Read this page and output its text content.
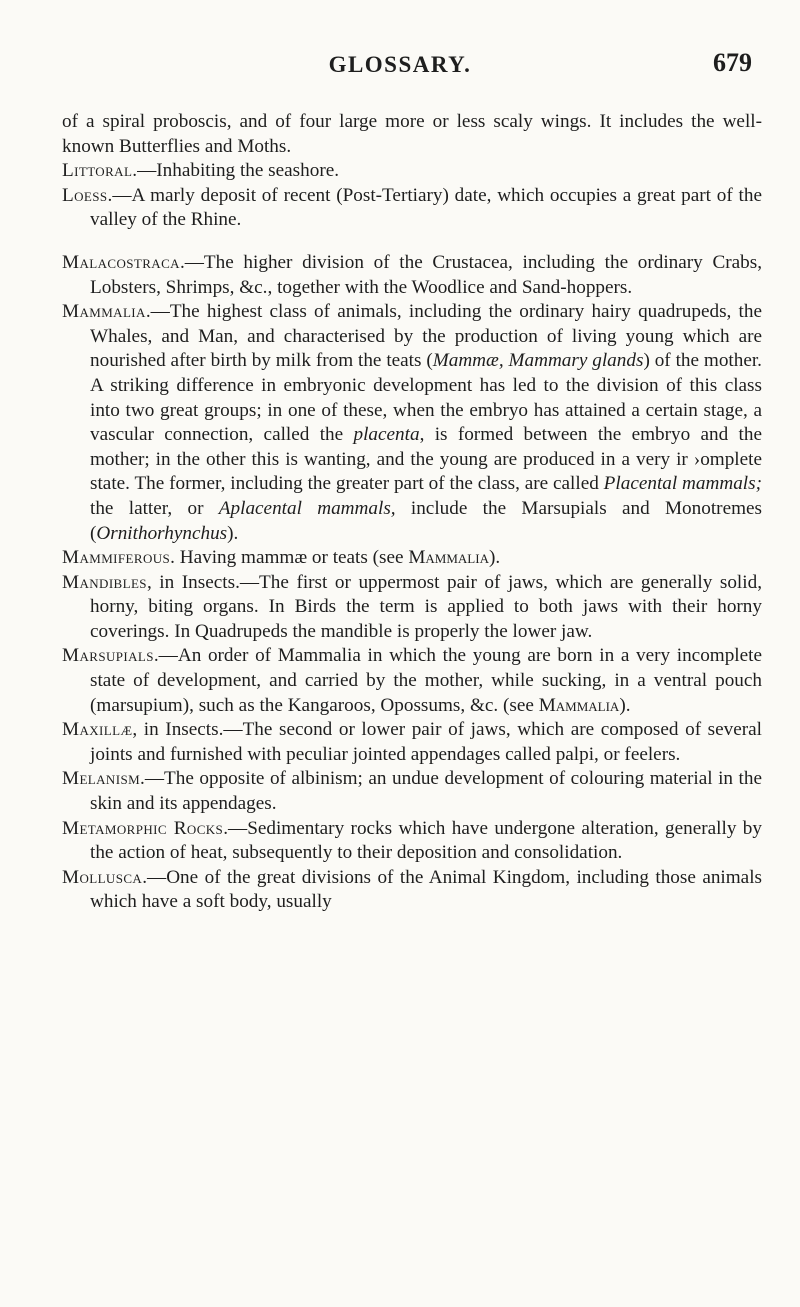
GLOSSARY.	679

of a spiral proboscis, and of four large more or less scaly wings. It includes the well-known Butterflies and Moths.

Littoral.—Inhabiting the seashore.

Loess.—A marly deposit of recent (Post-Tertiary) date, which occupies a great part of the valley of the Rhine.

Malacostraca.—The higher division of the Crustacea, including the ordinary Crabs, Lobsters, Shrimps, &c., together with the Woodlice and Sand-hoppers.

Mammalia.—The highest class of animals, including the ordinary hairy quadrupeds, the Whales, and Man, and characterised by the production of living young which are nourished after birth by milk from the teats (Mammæ, Mammary glands) of the mother. A striking difference in embryonic development has led to the division of this class into two great groups; in one of these, when the embryo has attained a certain stage, a vascular connection, called the placenta, is formed between the embryo and the mother; in the other this is wanting, and the young are produced in a very ir ›omplete state. The former, including the greater part of the class, are called Placental mammals; the latter, or Aplacental mammals, include the Marsupials and Monotremes (Ornithorhynchus).

Mammiferous. Having mammæ or teats (see Mammalia).

Mandibles, in Insects.—The first or uppermost pair of jaws, which are generally solid, horny, biting organs. In Birds the term is applied to both jaws with their horny coverings. In Quadrupeds the mandible is properly the lower jaw.

Marsupials.—An order of Mammalia in which the young are born in a very incomplete state of development, and carried by the mother, while sucking, in a ventral pouch (marsupium), such as the Kangaroos, Opossums, &c. (see Mammalia).

Maxillæ, in Insects.—The second or lower pair of jaws, which are composed of several joints and furnished with peculiar jointed appendages called palpi, or feelers.

Melanism.—The opposite of albinism; an undue development of colouring material in the skin and its appendages.

Metamorphic Rocks.—Sedimentary rocks which have undergone alteration, generally by the action of heat, subsequently to their deposition and consolidation.

Mollusca.—One of the great divisions of the Animal Kingdom, including those animals which have a soft body, usually
